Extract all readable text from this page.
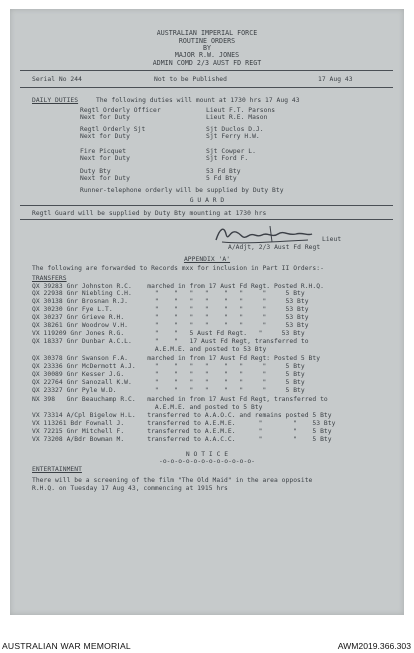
AUSTRALIAN IMPERIAL FORCE
ROUTINE ORDERS
BY
MAJOR R.W. JONES
ADMIN COMD 2/3 AUST FD REGT
Serial No 244	Not to be Published	17 Aug 43
DAILY DUTIES	The following duties will mount at 1730 hrs 17 Aug 43
Regtl Orderly Officer	Lieut F.T. Parsons
Next for Duty	Lieut R.E. Mason
Regtl Orderly Sjt	Sjt Duclos D.J.
Next for Duty	Sjt Ferry H.W.
Fire Picquet	Sjt Cowper L.
Next for Duty	Sjt Ford F.
Duty Bty	53 Fd Bty
Next for Duty	5 Fd Bty
Runner-telephone orderly will be supplied by Duty Bty
G U A R D
Regtl Guard will be supplied by Duty Bty mounting at 1730 hrs
Lieut
A/Adjt, 2/3 Aust Fd Regt
APPENDIX 'A'
The following are forwarded to Records mxx for inclusion in Part II Orders:-
TRANSFERS
QX 39283 Gnr Johnston R.C.    marched in from 17 Aust Fd Regt. Posted R.H.Q.
QX 22938 Gnr Niebling C.H.      "    "   "   "    "   "     "     5 Bty
QX 30138 Gnr Brosnan R.J.       "    "   "   "    "   "     "     53 Bty
QX 30230 Gnr Fye L.T.           "    "   "   "    "   "     "     53 Bty
QX 30237 Gnr Grieve R.H.        "    "   "   "    "   "     "     53 Bty
QX 38261 Gnr Woodrow V.H.       "    "   "   "    "   "     "     53 Bty
VX 119209 Gnr Jones R.G.        "    "   5 Aust Fd Regt.   "     53 Bty
QX 18337 Gnr Dunbar A.C.L.      "    "   17 Aust Fd Regt, transferred to
A.E.M.E. and posted to 53 Bty
QX 30378 Gnr Swanson F.A.     marched in from 17 Aust Fd Regt: Posted 5 Bty
QX 23336 Gnr McDermott A.J.     "    "   "   "    "   "     "     5 Bty
QX 30089 Gnr Kesser J.G.        "    "   "   "    "   "     "     5 Bty
QX 22764 Gnr Sanozall K.W.      "    "   "   "    "   "     "     5 Bty
QX 23327 Gnr Pyle W.D.          "    "   "   "    "   "     "     5 Bty
NX 398   Gnr Beauchamp R.C.   marched in from 17 Aust Fd Regt, transferred to
A.E.M.E. and posted to 5 Bty
VX 73314 A/Cpl Bigelow H.L.   transferred to A.A.O.C. and remains posted 5 Bty
VX 113261 Bdr Fownall J.      transferred to A.E.M.E.      "        "    53 Bty
VX 72215 Gnr Mitchell F.      transferred to A.E.M.E.      "        "    5 Bty
VX 73208 A/Bdr Bowman M.      transferred to A.A.C.C.      "        "    5 Bty
N O T I C E
-o-o-o-o-o-o-o-o-o-o-o-o-
ENTERTAINMENT
There will be a screening of the film "The Old Maid" in the area opposite
R.H.Q. on Tuesday 17 Aug 43, commencing at 1915 hrs
AUSTRALIAN WAR MEMORIAL	AWM2019.366.303
